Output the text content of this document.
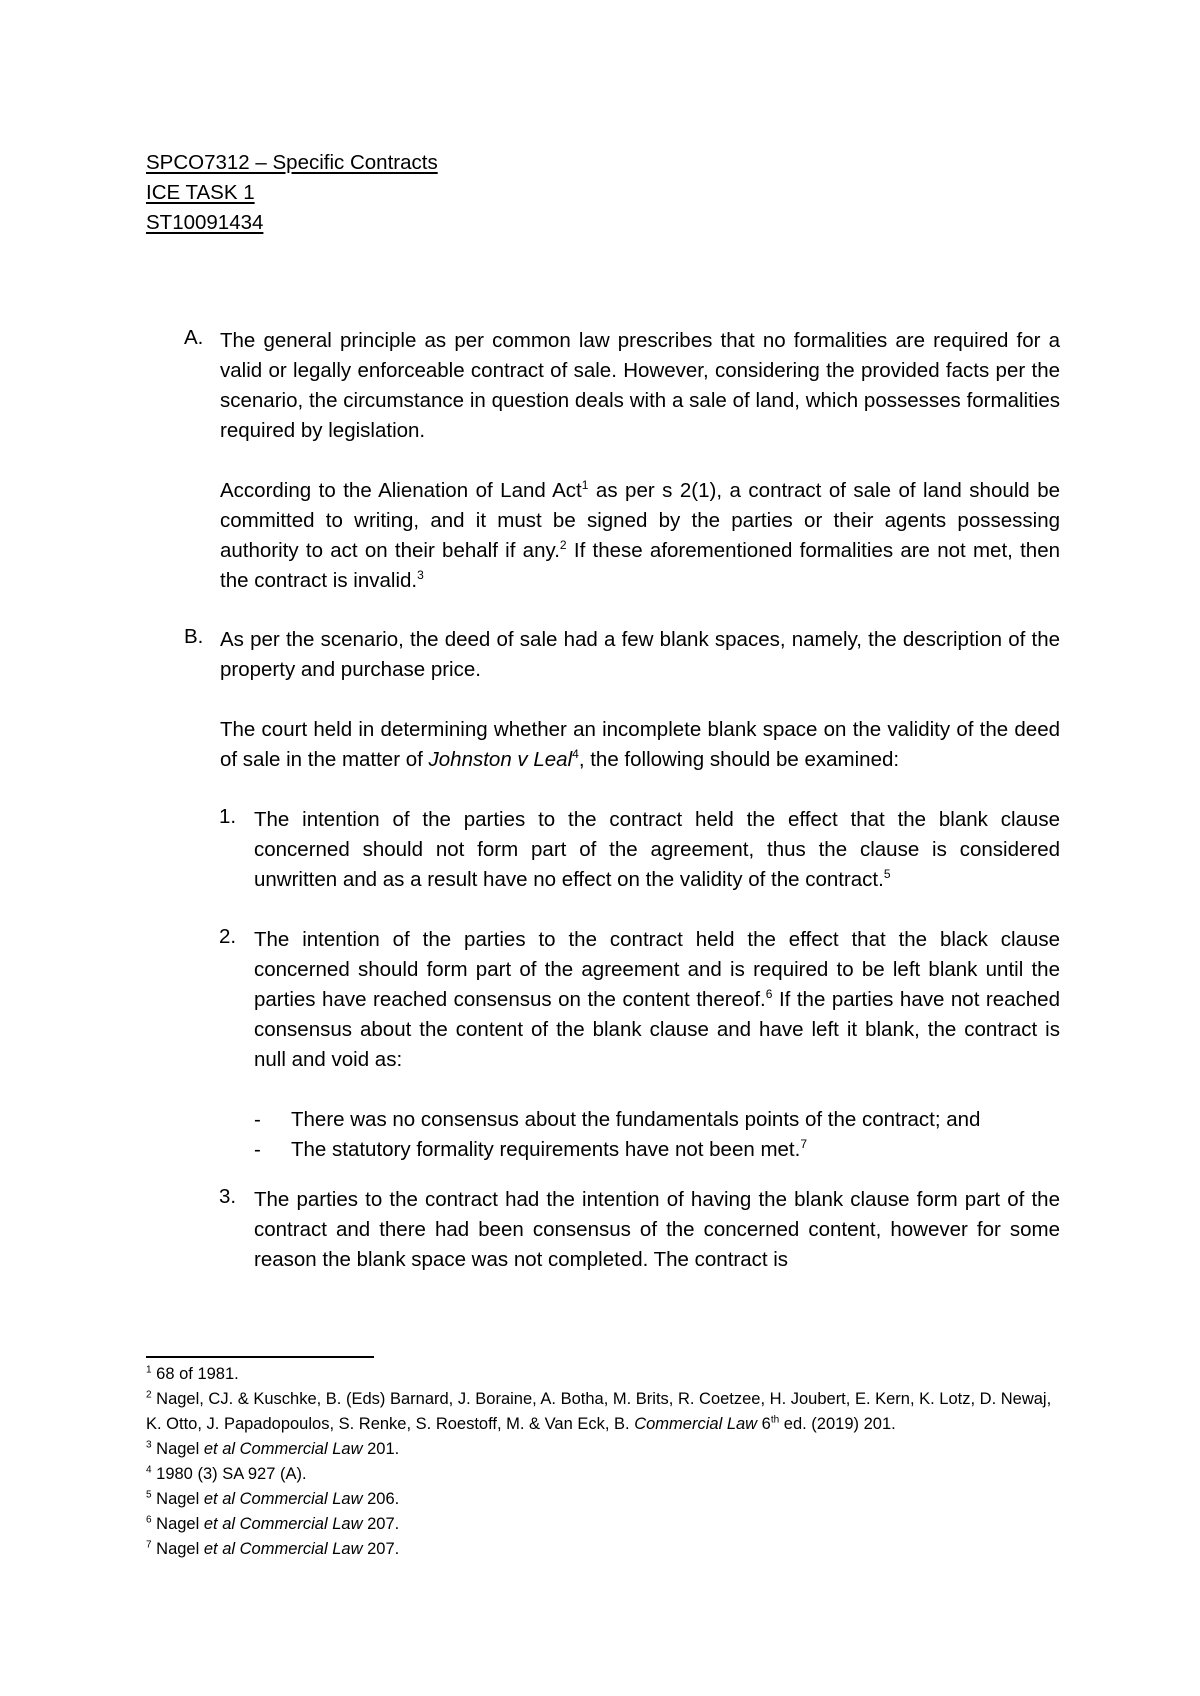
SPCO7312 – Specific Contracts
ICE TASK 1
ST10091434
A. The general principle as per common law prescribes that no formalities are required for a valid or legally enforceable contract of sale. However, considering the provided facts per the scenario, the circumstance in question deals with a sale of land, which possesses formalities required by legislation.

According to the Alienation of Land Act$^1$ as per s 2(1), a contract of sale of land should be committed to writing, and it must be signed by the parties or their agents possessing authority to act on their behalf if any.$^2$ If these aforementioned formalities are not met, then the contract is invalid.$^3$

B. As per the scenario, the deed of sale had a few blank spaces, namely, the description of the property and purchase price.

The court held in determining whether an incomplete blank space on the validity of the deed of sale in the matter of Johnston v Leal$^4$, the following should be examined:

1. The intention of the parties to the contract held the effect that the blank clause concerned should not form part of the agreement, thus the clause is considered unwritten and as a result have no effect on the validity of the contract.$^5$

2. The intention of the parties to the contract held the effect that the black clause concerned should form part of the agreement and is required to be left blank until the parties have reached consensus on the content thereof.$^6$ If the parties have not reached consensus about the content of the blank clause and have left it blank, the contract is null and void as:

- There was no consensus about the fundamentals points of the contract; and
- The statutory formality requirements have not been met.$^7$
3. The parties to the contract had the intention of having the blank clause form part of the contract and there had been consensus of the concerned content, however for some reason the blank space was not completed. The contract is

$^1$ 68 of 1981.
$^2$ Nagel, CJ. & Kuschke, B. (Eds) Barnard, J. Boraine, A. Botha, M. Brits, R. Coetzee, H. Joubert, E. Kern, K. Lotz, D. Newaj, K. Otto, J. Papadopoulos, S. Renke, S. Roestoff, M. & Van Eck, B. Commercial Law 6th ed. (2019) 201.
$^3$ Nagel et al Commercial Law 201.
$^4$ 1980 (3) SA 927 (A).
$^5$ Nagel et al Commercial Law 206.
$^6$ Nagel et al Commercial Law 207.
$^7$ Nagel et al Commercial Law 207.
